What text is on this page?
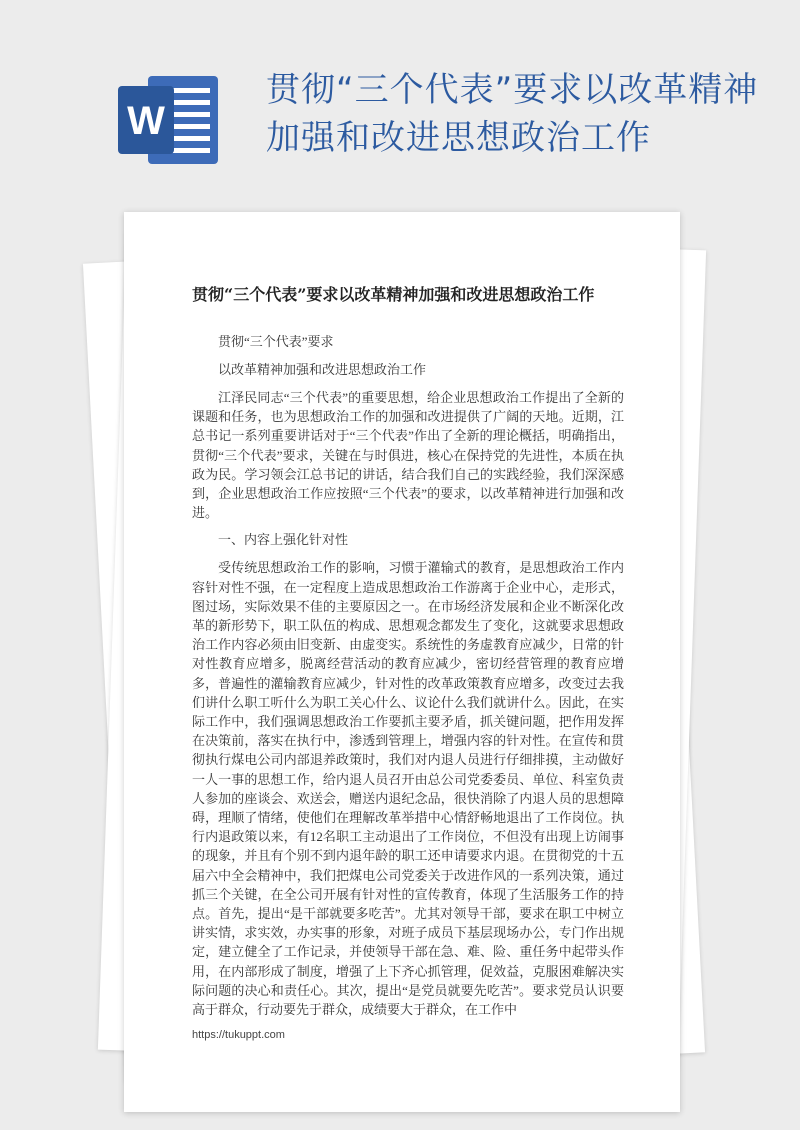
W
贯彻“三个代表”要求以改革精神加强和改进思想政治工作
贯彻“三个代表”要求以改革精神加强和改进思想政治工作

贯彻“三个代表”要求

以改革精神加强和改进思想政治工作

江泽民同志“三个代表”的重要思想，给企业思想政治工作提出了全新的课题和任务，也为思想政治工作的加强和改进提供了广阔的天地。近期，江总书记一系列重要讲话对于“三个代表”作出了全新的理论概括，明确指出，贯彻“三个代表”要求，关键在与时俱进，核心在保持党的先进性，本质在执政为民。学习领会江总书记的讲话，结合我们自己的实践经验，我们深深感到，企业思想政治工作应按照“三个代表”的要求，以改革精神进行加强和改进。

一、内容上强化针对性

受传统思想政治工作的影响，习惯于灌输式的教育，是思想政治工作内容针对性不强，在一定程度上造成思想政治工作游离于企业中心，走形式，图过场，实际效果不佳的主要原因之一。在市场经济发展和企业不断深化改革的新形势下，职工队伍的构成、思想观念都发生了变化，这就要求思想政治工作内容必须由旧变新、由虚变实。系统性的务虚教育应减少，日常的针对性教育应增多，脱离经营活动的教育应减少，密切经营管理的教育应增多，普遍性的灌输教育应减少，针对性的改革政策教育应增多，改变过去我们讲什么职工听什么为职工关心什么、议论什么我们就讲什么。因此，在实际工作中，我们强调思想政治工作要抓主要矛盾，抓关键问题，把作用发挥在决策前，落实在执行中，渗透到管理上，增强内容的针对性。在宣传和贯彻执行煤电公司内部退养政策时，我们对内退人员进行仔细排摸，主动做好一人一事的思想工作，给内退人员召开由总公司党委委员、单位、科室负责人参加的座谈会、欢送会，赠送内退纪念品，很快消除了内退人员的思想障碍，理顺了情绪，使他们在理解改革举措中心情舒畅地退出了工作岗位。执行内退政策以来，有12名职工主动退出了工作岗位，不但没有出现上访闹事的现象，并且有个别不到内退年龄的职工还申请要求内退。在贯彻党的十五届六中全会精神中，我们把煤电公司党委关于改进作风的一系列决策，通过抓三个关键，在全公司开展有针对性的宣传教育，体现了生活服务工作的持点。首先，提出“是干部就要多吃苦”。尤其对领导干部，要求在职工中树立讲实情，求实效，办实事的形象，对班子成员下基层现场办公，专门作出规定，建立健全了工作记录，并使领导干部在急、难、险、重任务中起带头作用，在内部形成了制度，增强了上下齐心抓管理，促效益，克服困难解决实际问题的决心和责任心。其次，提出“是党员就要先吃苦”。要求党员认识要高于群众，行动要先于群众，成绩要大于群众，在工作中

https://tukuppt.com
